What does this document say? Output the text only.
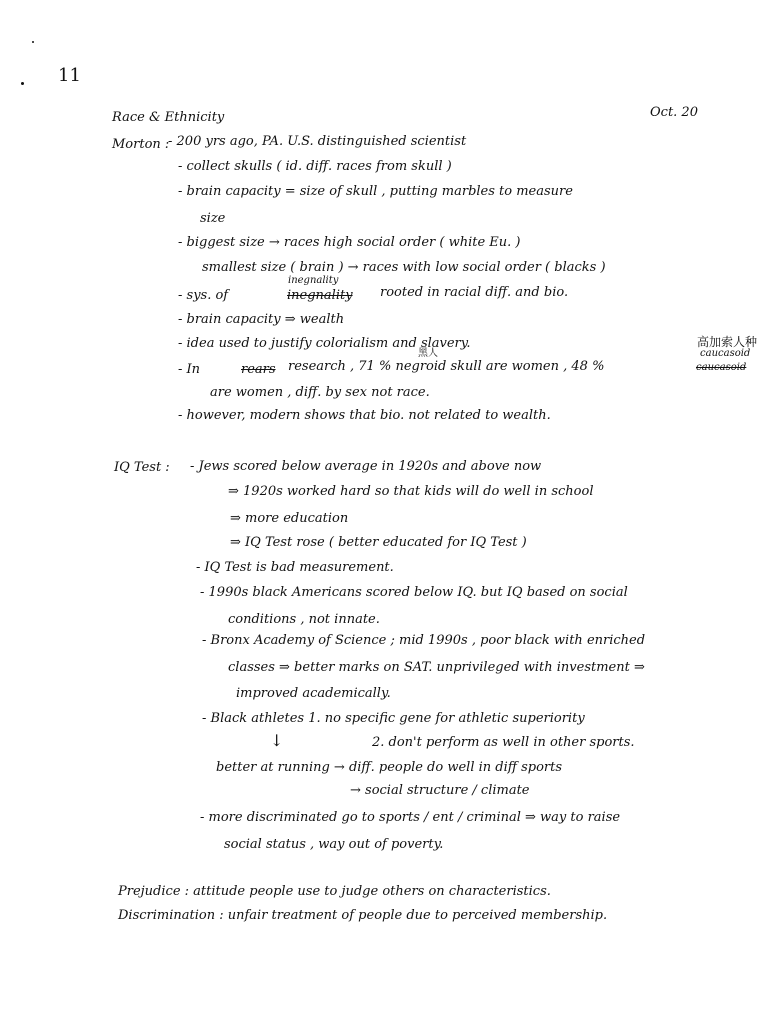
11
Race & Ethnicity	Oct. 20
Morton :
- 200 yrs ago, PA. U.S. distinguished scientist
- collect skulls ( id. diff. races from skull )
- brain capacity = size of skull , putting marbles to measure
size
- biggest size → races high social order ( white Eu. )
smallest size ( brain ) → races with low social order ( blacks )
inegnality
- sys. of	inegnality rooted in racial diff. and bio.
- brain capacity ⇒ wealth
- idea used to justify colorialism and slavery.	高加索人种
caucasoid
黑人
- In	rears research , 71 % negroid skull are women , 48 %	caucasoid
are women , diff. by sex not race.
- however, modern shows that bio. not related to wealth.
IQ Test : - Jews scored below average in 1920s and above now
⇒ 1920s worked hard so that kids will do well in school
⇒ more education
⇒ IQ Test rose ( better educated for IQ Test )
- IQ Test is bad measurement.
- 1990s black Americans scored below IQ. but IQ based on social
conditions , not innate.
- Bronx Academy of Science ; mid 1990s , poor black with enriched
classes ⇒ better marks on SAT. unprivileged with investment ⇒
improved academically.
- Black athletes 1. no specific gene for athletic superiority
↓	2. don't perform as well in other sports.
better at running → diff. people do well in diff sports
→ social structure / climate
- more discriminated go to sports / ent / criminal ⇒ way to raise
social status , way out of poverty.
Prejudice : attitude people use to judge others on characteristics.
Discrimination : unfair treatment of people due to perceived membership.
